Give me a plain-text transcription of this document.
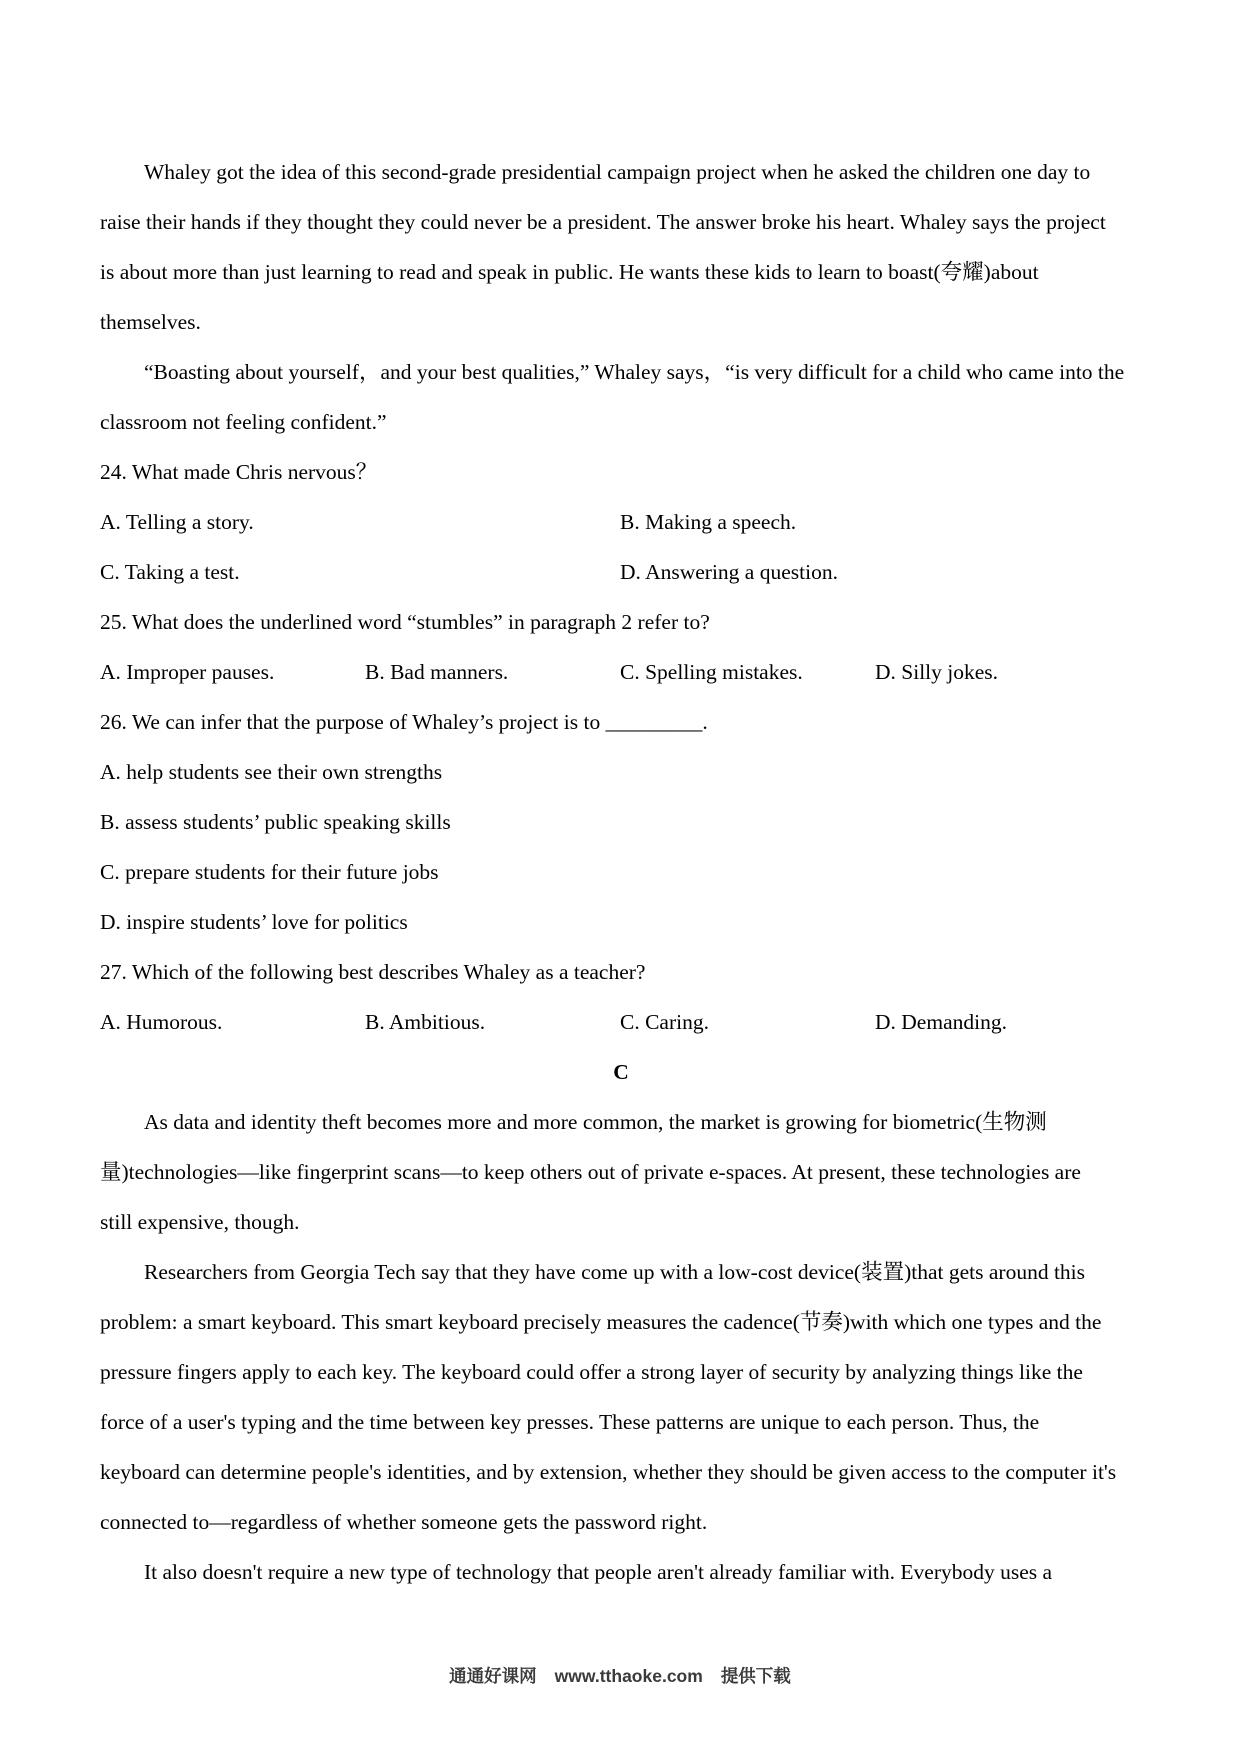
Whaley got the idea of this second-grade presidential campaign project when he asked the children one day to
raise their hands if they thought they could never be a president. The answer broke his heart. Whaley says the project
is about more than just learning to read and speak in public. He wants these kids to learn to boast(夸耀)about
themselves.
“Boasting about yourself，and your best qualities,” Whaley says，“is very difficult for a child who came into the
classroom not feeling confident.”
24. What made Chris nervous？
A. Telling a story.	B. Making a speech.
C. Taking a test.	D. Answering a question.
25. What does the underlined word “stumbles” in paragraph 2 refer to?
A. Improper pauses.	B. Bad manners.	C. Spelling mistakes.	D. Silly jokes.
26. We can infer that the purpose of Whaley’s project is to _________.
A. help students see their own strengths
B. assess students’ public speaking skills
C. prepare students for their future jobs
D. inspire students’ love for politics
27. Which of the following best describes Whaley as a teacher?
A. Humorous.	B. Ambitious.	C. Caring.	D. Demanding.
C
As data and identity theft becomes more and more common, the market is growing for biometric(生物测
量)technologies—like fingerprint scans—to keep others out of private e-spaces. At present, these technologies are
still expensive, though.
Researchers from Georgia Tech say that they have come up with a low-cost device(装置)that gets around this
problem: a smart keyboard. This smart keyboard precisely measures the cadence(节奏)with which one types and the
pressure fingers apply to each key. The keyboard could offer a strong layer of security by analyzing things like the
force of a user's typing and the time between key presses. These patterns are unique to each person. Thus, the
keyboard can determine people's identities, and by extension, whether they should be given access to the computer it's
connected to—regardless of whether someone gets the password right.
It also doesn't require a new type of technology that people aren't already familiar with. Everybody uses a
通通好课网 www.tthaoke.com 提供下载
